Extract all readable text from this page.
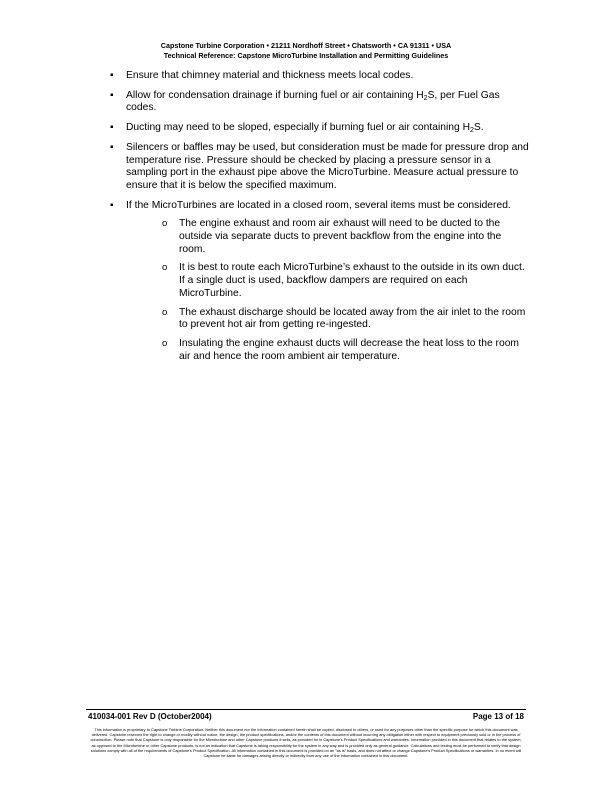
Capstone Turbine Corporation • 21211 Nordhoff Street • Chatsworth • CA 91311 • USA
Technical Reference: Capstone MicroTurbine Installation and Permitting Guidelines
▪ Ensure that chimney material and thickness meets local codes.
▪ Allow for condensation drainage if burning fuel or air containing $H_2S$, per Fuel Gas codes.
▪ Ducting may need to be sloped, especially if burning fuel or air containing $H_2S$.
▪ Silencers or baffles may be used, but consideration must be made for pressure drop and temperature rise. Pressure should be checked by placing a pressure sensor in a sampling port in the exhaust pipe above the MicroTurbine. Measure actual pressure to ensure that it is below the specified maximum.
▪ If the MicroTurbines are located in a closed room, several items must be considered.
o The engine exhaust and room air exhaust will need to be ducted to the outside via separate ducts to prevent backflow from the engine into the room.
o It is best to route each MicroTurbine’s exhaust to the outside in its own duct. If a single duct is used, backflow dampers are required on each MicroTurbine.
o The exhaust discharge should be located away from the air inlet to the room to prevent hot air from getting re-ingested.
o Insulating the engine exhaust ducts will decrease the heat loss to the room air and hence the room ambient air temperature.
410034-001 Rev D (October2004)	Page 13 of 18
This information is proprietary to Capstone Turbine Corporation. Neither this document nor the information contained herein shall be copied, disclosed to others, or used for any purposes other than the specific purpose for which this document was delivered. Capstone reserves the right to change or modify without notice, the design, the product specifications, and/or the contents of this document without incurring any obligation either with respect to equipment previously sold or in the process of construction. Please note that Capstone is only responsible for the Microturbine and other Capstone products it sells, as provided for in Capstone's Product Specifications and warranties. Information provided in this document that relates to the system, as opposed to the Microturbine or other Capstone products, is not an indication that Capstone is taking responsibility for the system in any way and is provided only as general guidance. Calculations and testing must be performed to verify that design solutions comply with all of the requirements of Capstone's Product Specification. All information contained in this document is provided on an "as is" basis, and does not affect or change Capstone's Product Specifications or warranties. In no event will Capstone be liable for damages arising directly or indirectly from any use of the information contained in this document.
